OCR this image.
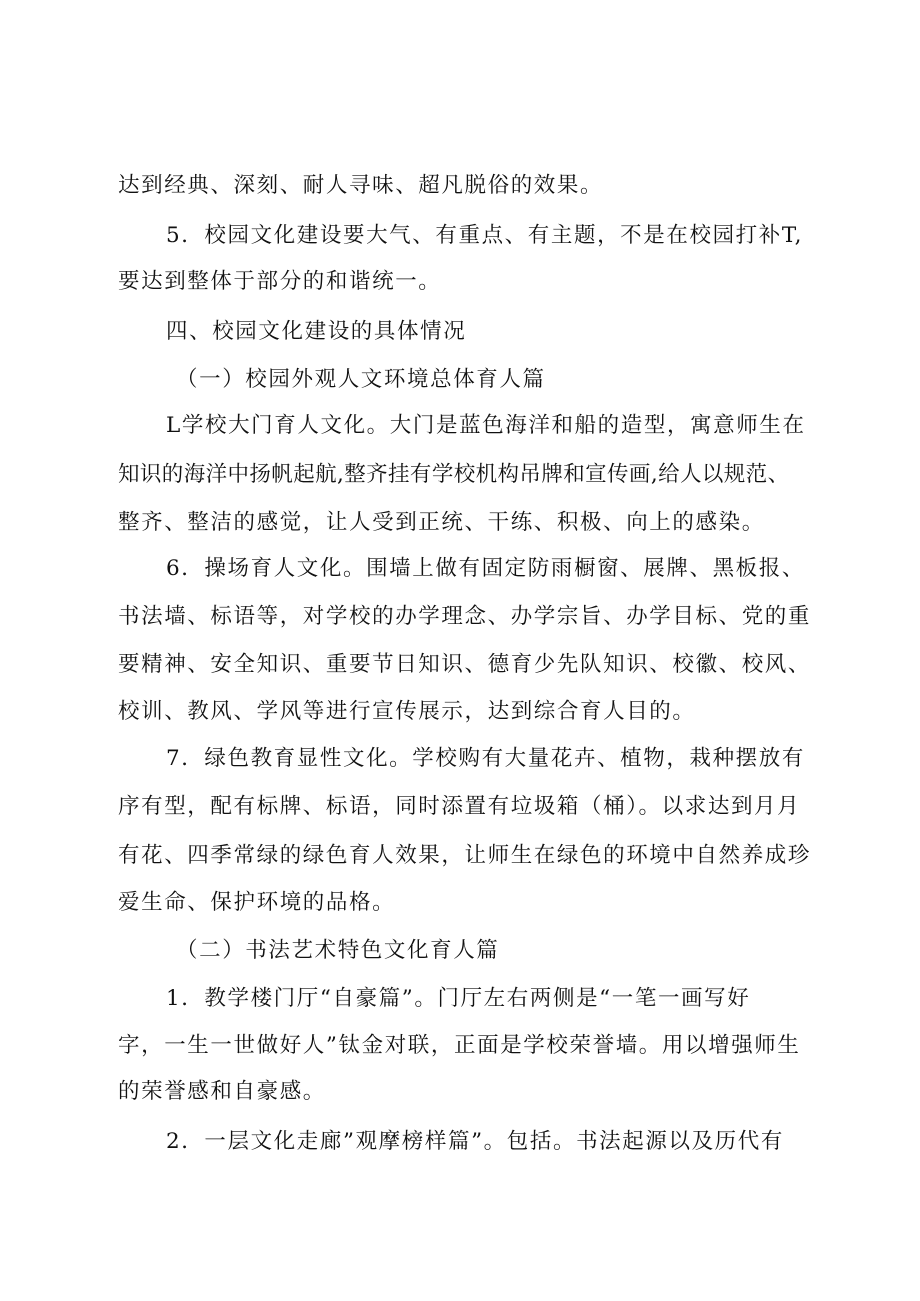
达到经典、深刻、耐人寻味、超凡脱俗的效果。
5．校园文化建设要大气、有重点、有主题，不是在校园打补T,
要达到整体于部分的和谐统一。
四、校园文化建设的具体情况
（一）校园外观人文环境总体育人篇
L学校大门育人文化。大门是蓝色海洋和船的造型，寓意师生在
知识的海洋中扬帆起航,整齐挂有学校机构吊牌和宣传画,给人以规范、
整齐、整洁的感觉，让人受到正统、干练、积极、向上的感染。
6．操场育人文化。围墙上做有固定防雨橱窗、展牌、黑板报、
书法墙、标语等，对学校的办学理念、办学宗旨、办学目标、党的重
要精神、安全知识、重要节日知识、德育少先队知识、校徽、校风、
校训、教风、学风等进行宣传展示，达到综合育人目的。
7．绿色教育显性文化。学校购有大量花卉、植物，栽种摆放有
序有型，配有标牌、标语，同时添置有垃圾箱（桶）。以求达到月月
有花、四季常绿的绿色育人效果，让师生在绿色的环境中自然养成珍
爱生命、保护环境的品格。
（二）书法艺术特色文化育人篇
1．教学楼门厅“自豪篇”。门厅左右两侧是“一笔一画写好
字，一生一世做好人”钛金对联，正面是学校荣誉墙。用以增强师生
的荣誉感和自豪感。
2．一层文化走廊”观摩榜样篇”。包括。书法起源以及历代有
